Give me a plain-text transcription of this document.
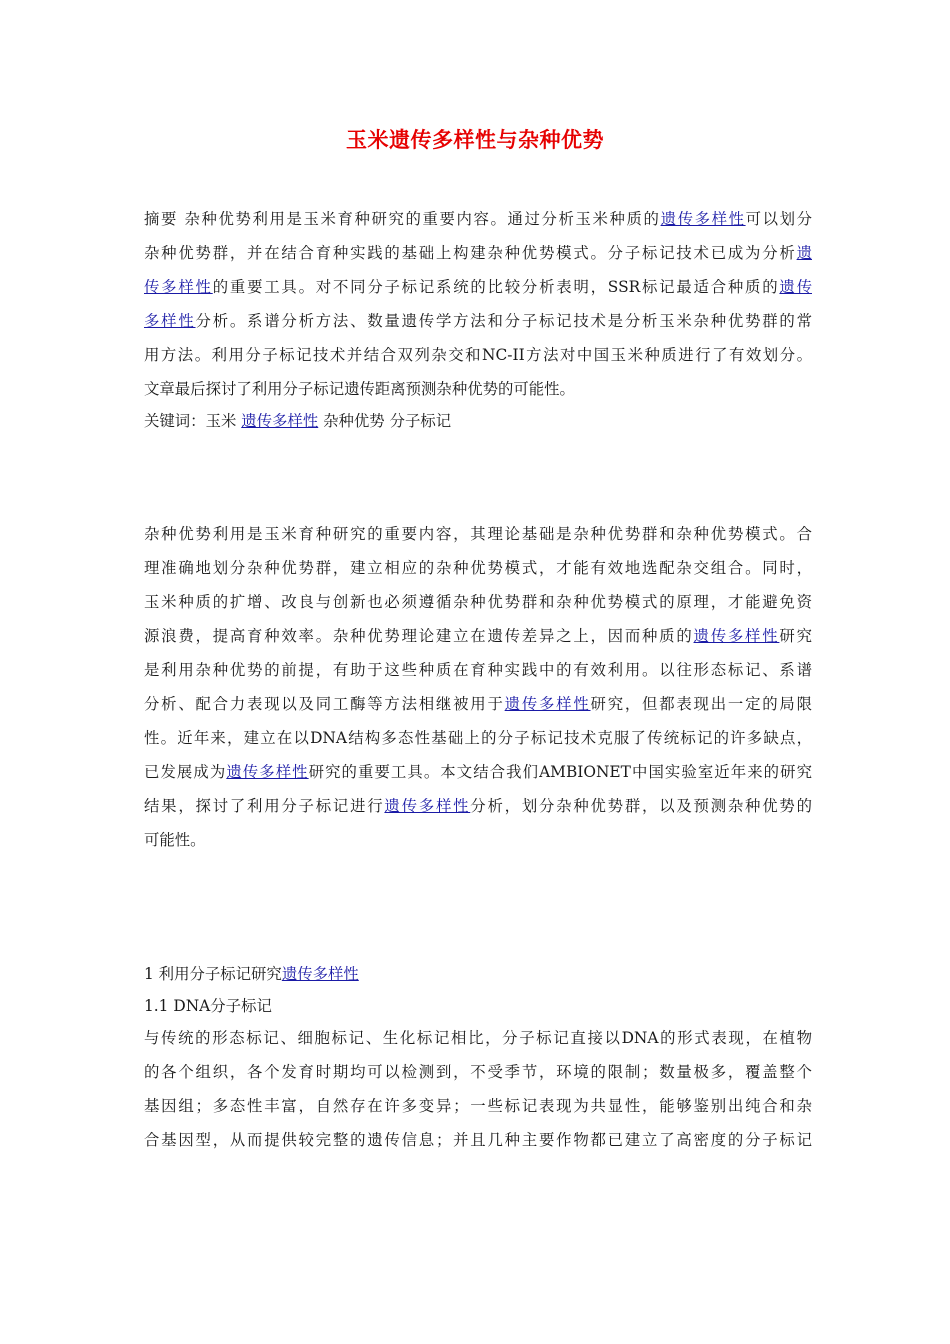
玉米遗传多样性与杂种优势
摘要 杂种优势利用是玉米育种研究的重要内容。通过分析玉米种质的遗传多样性可以划分
杂种优势群，并在结合育种实践的基础上构建杂种优势模式。分子标记技术已成为分析遗
传多样性的重要工具。对不同分子标记系统的比较分析表明，SSR标记最适合种质的遗传
多样性分析。系谱分析方法、数量遗传学方法和分子标记技术是分析玉米杂种优势群的常
用方法。利用分子标记技术并结合双列杂交和NC-II方法对中国玉米种质进行了有效划分。
文章最后探讨了利用分子标记遗传距离预测杂种优势的可能性。
关键词：玉米 遗传多样性 杂种优势 分子标记
杂种优势利用是玉米育种研究的重要内容，其理论基础是杂种优势群和杂种优势模式。合
理准确地划分杂种优势群，建立相应的杂种优势模式，才能有效地选配杂交组合。同时，
玉米种质的扩增、改良与创新也必须遵循杂种优势群和杂种优势模式的原理，才能避免资
源浪费，提高育种效率。杂种优势理论建立在遗传差异之上，因而种质的遗传多样性研究
是利用杂种优势的前提，有助于这些种质在育种实践中的有效利用。以往形态标记、系谱
分析、配合力表现以及同工酶等方法相继被用于遗传多样性研究，但都表现出一定的局限
性。近年来，建立在以DNA结构多态性基础上的分子标记技术克服了传统标记的许多缺点，
已发展成为遗传多样性研究的重要工具。本文结合我们AMBIONET中国实验室近年来的研究
结果，探讨了利用分子标记进行遗传多样性分析，划分杂种优势群，以及预测杂种优势的
可能性。
1 利用分子标记研究遗传多样性
1.1 DNA分子标记
与传统的形态标记、细胞标记、生化标记相比，分子标记直接以DNA的形式表现，在植物
的各个组织，各个发育时期均可以检测到，不受季节，环境的限制；数量极多，覆盖整个
基因组；多态性丰富，自然存在许多变异；一些标记表现为共显性，能够鉴别出纯合和杂
合基因型，从而提供较完整的遗传信息；并且几种主要作物都已建立了高密度的分子标记
